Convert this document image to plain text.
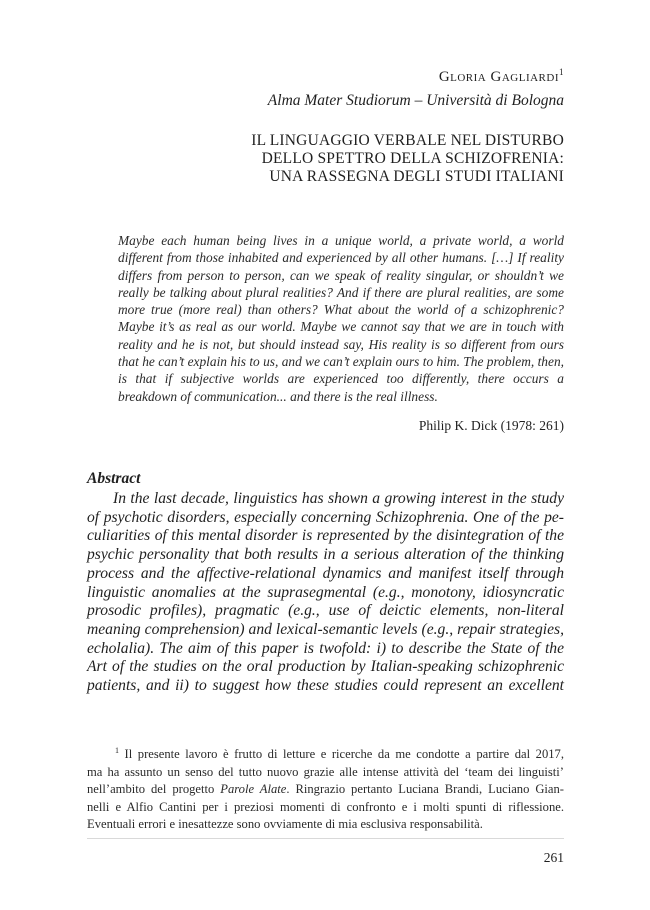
Gloria Gagliardi$^1$
Alma Mater Studiorum – Università di Bologna
IL LINGUAGGIO VERBALE NEL DISTURBO
DELLO SPETTRO DELLA SCHIZOFRENIA:
UNA RASSEGNA DEGLI STUDI ITALIANI
Maybe each human being lives in a unique world, a private world, a world different from those inhabited and experienced by all other humans. […] If reality differs from person to person, can we speak of reality singular, or shouldn’t we really be talking about plural realities? And if there are plural realities, are some more true (more real) than others? What about the world of a schizophrenic? Maybe it’s as real as our world. Maybe we cannot say that we are in touch with reality and he is not, but should instead say, His reality is so different from ours that he can’t explain his to us, and we can’t explain ours to him. The problem, then, is that if subjective worlds are experienced too differently, there occurs a breakdown of communication... and there is the real illness.
Philip K. Dick (1978: 261)
Abstract
In the last decade, linguistics has shown a growing interest in the study
of psychotic disorders, especially concerning Schizophrenia. One of the pe-
culiarities of this mental disorder is represented by the disintegration of the
psychic personality that both results in a serious alteration of the thinking
process and the affective-relational dynamics and manifest itself through
linguistic anomalies at the suprasegmental (e.g., monotony, idiosyncratic
prosodic profiles), pragmatic (e.g., use of deictic elements, non-literal
meaning comprehension) and lexical-semantic levels (e.g., repair strategies,
echolalia). The aim of this paper is twofold: i) to describe the State of the
Art of the studies on the oral production by Italian-speaking schizophrenic
patients, and ii) to suggest how these studies could represent an excellent
$^1$ Il presente lavoro è frutto di letture e ricerche da me condotte a partire dal 2017,
ma ha assunto un senso del tutto nuovo grazie alle intense attività del ‘team dei linguisti’
nell’ambito del progetto Parole Alate. Ringrazio pertanto Luciana Brandi, Luciano Gian-
nelli e Alfio Cantini per i preziosi momenti di confronto e i molti spunti di riflessione.
Eventuali errori e inesattezze sono ovviamente di mia esclusiva responsabilità.
261
